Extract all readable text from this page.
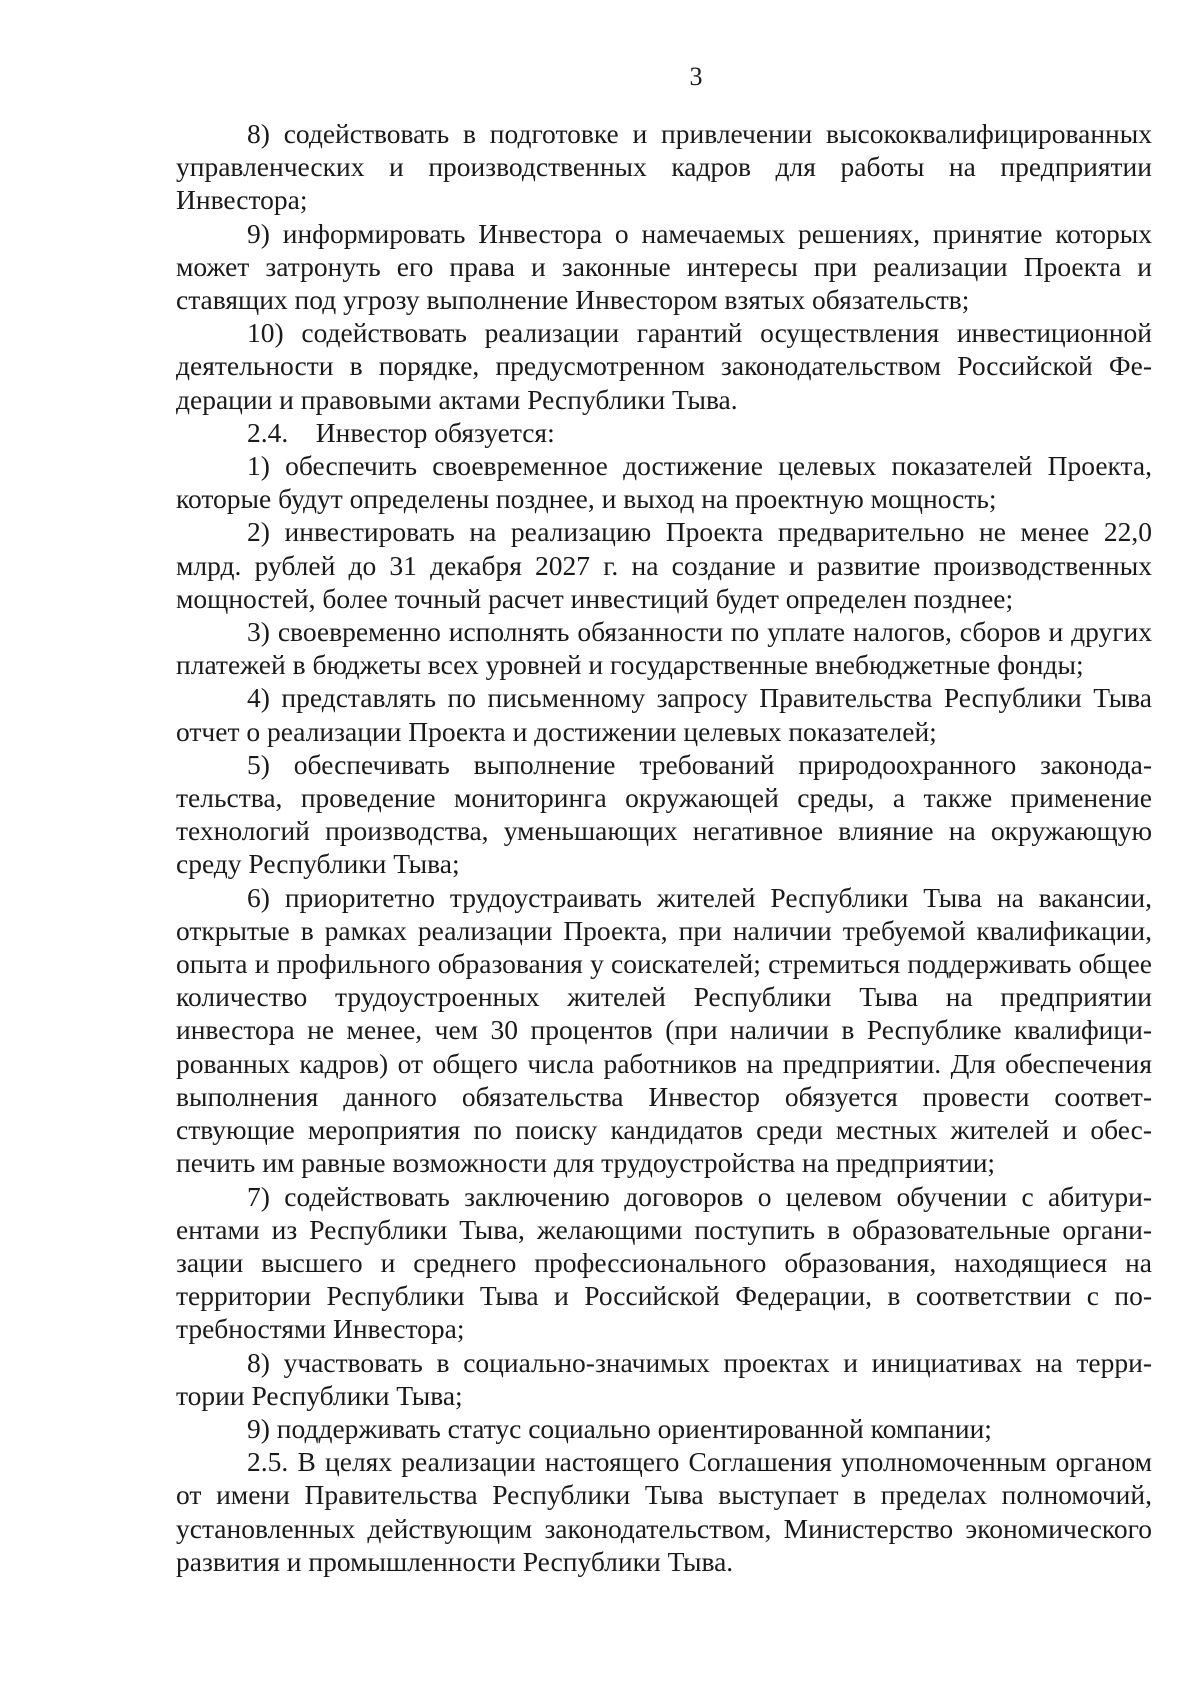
3

8) содействовать в подготовке и привлечении высококвалифицированных управленческих и производственных кадров для работы на предприятии Инвестора;

9) информировать Инвестора о намечаемых решениях, принятие которых может затронуть его права и законные интересы при реализации Проекта и ставящих под угрозу выполнение Инвестором взятых обязательств;

10) содействовать реализации гарантий осуществления инвестиционной деятельности в порядке, предусмотренном законодательством Российской Федерации и правовыми актами Республики Тыва.

2.4.    Инвестор обязуется:

1) обеспечить своевременное достижение целевых показателей Проекта, которые будут определены позднее, и выход на проектную мощность;

2) инвестировать на реализацию Проекта предварительно не менее 22,0 млрд. рублей до 31 декабря 2027 г. на создание и развитие производственных мощностей, более точный расчет инвестиций будет определен позднее;

3) своевременно исполнять обязанности по уплате налогов, сборов и других платежей в бюджеты всех уровней и государственные внебюджетные фонды;

4) представлять по письменному запросу Правительства Республики Тыва отчет о реализации Проекта и достижении целевых показателей;

5) обеспечивать выполнение требований природоохранного законодательства, проведение мониторинга окружающей среды, а также применение технологий производства, уменьшающих негативное влияние на окружающую среду Республики Тыва;

6) приоритетно трудоустраивать жителей Республики Тыва на вакансии, открытые в рамках реализации Проекта, при наличии требуемой квалификации, опыта и профильного образования у соискателей; стремиться поддерживать общее количество трудоустроенных жителей Республики Тыва на предприятии инвестора не менее, чем 30 процентов (при наличии в Республике квалифицированных кадров) от общего числа работников на предприятии. Для обеспечения выполнения данного обязательства Инвестор обязуется провести соответствующие мероприятия по поиску кандидатов среди местных жителей и обеспечить им равные возможности для трудоустройства на предприятии;

7) содействовать заключению договоров о целевом обучении с абитуриентами из Республики Тыва, желающими поступить в образовательные организации высшего и среднего профессионального образования, находящиеся на территории Республики Тыва и Российской Федерации, в соответствии с потребностями Инвестора;

8) участвовать в социально-значимых проектах и инициативах на территории Республики Тыва;

9) поддерживать статус социально ориентированной компании;

2.5. В целях реализации настоящего Соглашения уполномоченным органом от имени Правительства Республики Тыва выступает в пределах полномочий, установленных действующим законодательством, Министерство экономического развития и промышленности Республики Тыва.
